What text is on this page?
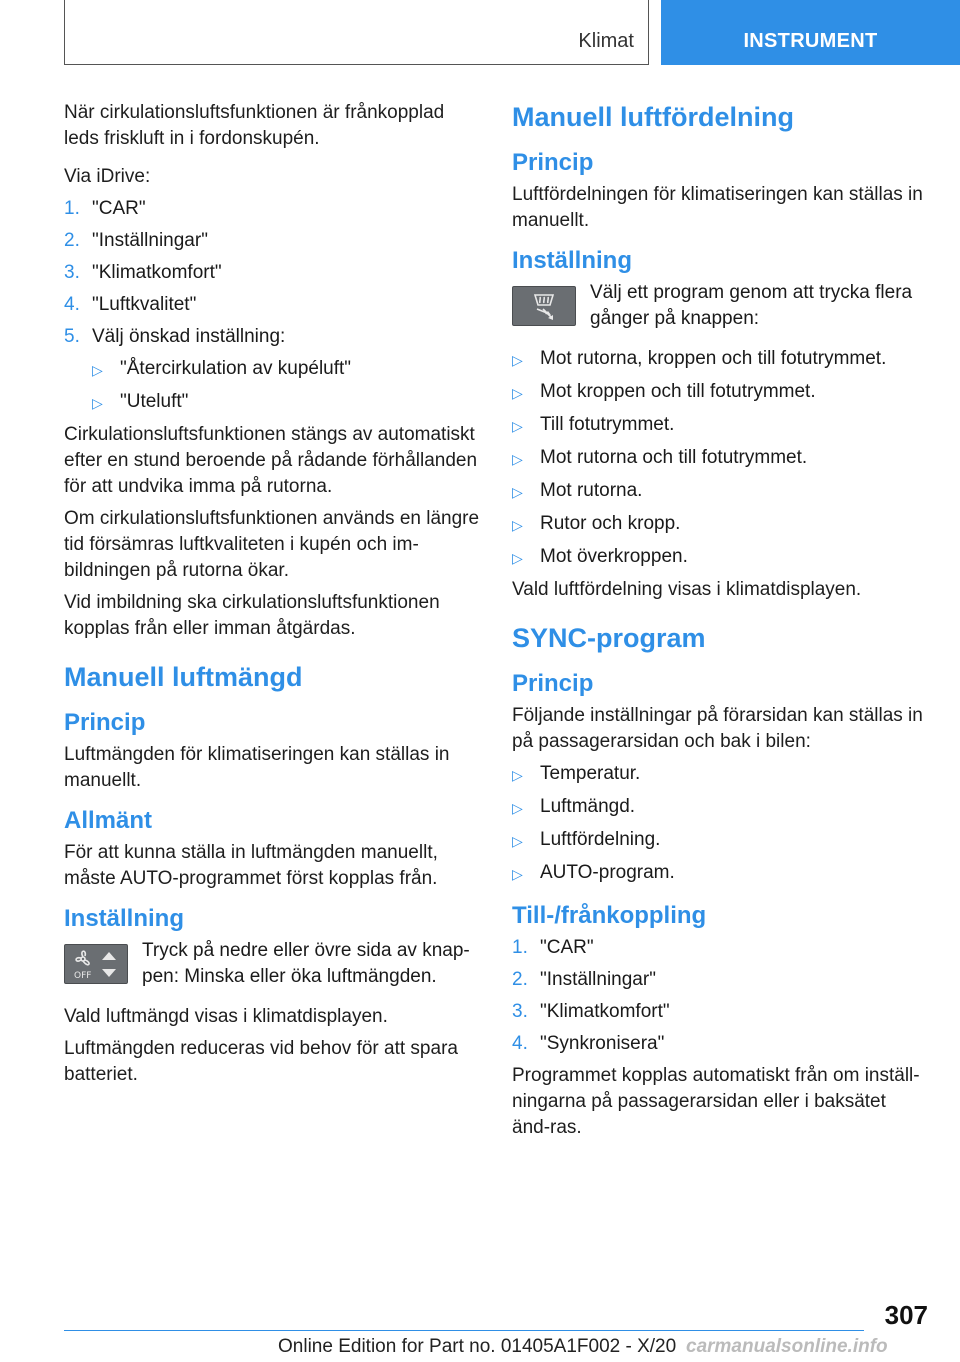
Klimat	INSTRUMENT

När cirkulationsluftsfunktionen är frånkopplad leds friskluft in i fordonskupén.

Via iDrive:

1. "CAR"
2. "Inställningar"
3. "Klimatkomfort"
4. "Luftkvalitet"
5. Välj önskad inställning:
▷ "Återcirkulation av kupéluft"
▷ "Uteluft"

Cirkulationsluftsfunktionen stängs av automatiskt efter en stund beroende på rådande förhållanden för att undvika imma på rutorna.

Om cirkulationsluftsfunktionen används en längre tid försämras luftkvaliteten i kupén och im-bildningen på rutorna ökar.

Vid imbildning ska cirkulationsluftsfunktionen kopplas från eller imman åtgärdas.

Manuell luftmängd
Princip

Luftmängden för klimatiseringen kan ställas in manuellt.

Allmänt

För att kunna ställa in luftmängden manuellt, måste AUTO-programmet först kopplas från.

Inställning
OFF

Tryck på nedre eller övre sida av knap-pen: Minska eller öka luftmängden.

Vald luftmängd visas i klimatdisplayen.

Luftmängden reduceras vid behov för att spara batteriet.

Manuell luftfördelning
Princip

Luftfördelningen för klimatiseringen kan ställas in manuellt.

Inställning

Välj ett program genom att trycka flera gånger på knappen:

▷ Mot rutorna, kroppen och till fotutrymmet.
▷ Mot kroppen och till fotutrymmet.
▷ Till fotutrymmet.
▷ Mot rutorna och till fotutrymmet.
▷ Mot rutorna.
▷ Rutor och kropp.
▷ Mot överkroppen.

Vald luftfördelning visas i klimatdisplayen.

SYNC-program
Princip

Följande inställningar på förarsidan kan ställas in på passagerarsidan och bak i bilen:

▷ Temperatur.
▷ Luftmängd.
▷ Luftfördelning.
▷ AUTO-program.
Till-/frånkoppling
1. "CAR"
2. "Inställningar"
3. "Klimatkomfort"
4. "Synkronisera"

Programmet kopplas automatiskt från om inställ-ningarna på passagerarsidan eller i baksätet änd-ras.

307
Online Edition for Part no. 01405A1F002 - X/20 carmanualsonline.info
